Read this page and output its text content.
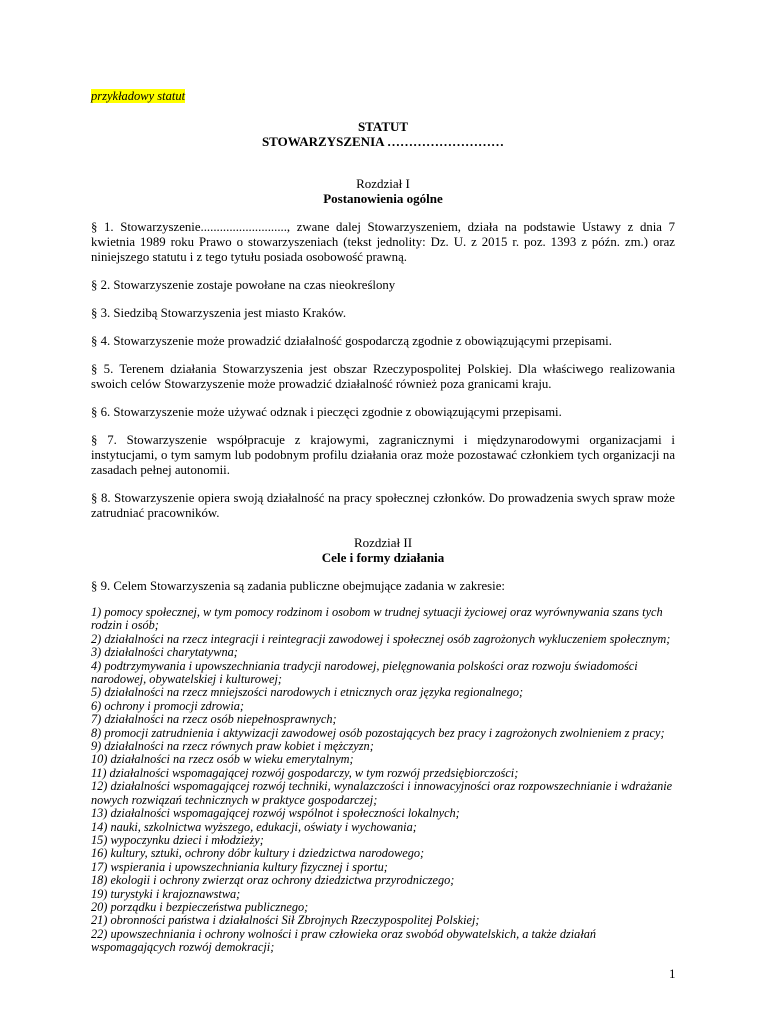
przykładowy statut
STATUT
STOWARZYSZENIA ………………………
Rozdział I
Postanowienia ogólne
§ 1. Stowarzyszenie..........................., zwane dalej Stowarzyszeniem, działa na podstawie Ustawy z dnia 7 kwietnia 1989 roku Prawo o stowarzyszeniach (tekst jednolity: Dz. U. z 2015 r. poz. 1393 z późn. zm.) oraz niniejszego statutu i z tego tytułu posiada osobowość prawną.
§ 2. Stowarzyszenie zostaje powołane na czas nieokreślony
§ 3. Siedzibą Stowarzyszenia jest miasto Kraków.
§ 4. Stowarzyszenie może prowadzić działalność gospodarczą zgodnie z obowiązującymi przepisami.
§ 5. Terenem działania Stowarzyszenia jest obszar Rzeczypospolitej Polskiej. Dla właściwego realizowania swoich celów Stowarzyszenie może prowadzić działalność również poza granicami kraju.
§ 6. Stowarzyszenie może używać odznak i pieczęci zgodnie z obowiązującymi przepisami.
§ 7. Stowarzyszenie współpracuje z krajowymi, zagranicznymi i międzynarodowymi organizacjami i instytucjami, o tym samym lub podobnym profilu działania oraz może pozostawać członkiem tych organizacji na zasadach pełnej autonomii.
§ 8. Stowarzyszenie opiera swoją działalność na pracy społecznej członków. Do prowadzenia swych spraw może zatrudniać pracowników.
Rozdział II
Cele i formy działania
§ 9. Celem Stowarzyszenia są zadania publiczne obejmujące zadania w zakresie:
1) pomocy społecznej, w tym pomocy rodzinom i osobom w trudnej sytuacji życiowej oraz wyrównywania szans tych rodzin i osób;
2) działalności na rzecz integracji i reintegracji zawodowej i społecznej osób zagrożonych wykluczeniem społecznym;
3) działalności charytatywna;
4) podtrzymywania i upowszechniania tradycji narodowej, pielęgnowania polskości oraz rozwoju świadomości narodowej, obywatelskiej i kulturowej;
5) działalności na rzecz mniejszości narodowych i etnicznych oraz języka regionalnego;
6) ochrony i promocji zdrowia;
7) działalności na rzecz osób niepełnosprawnych;
8) promocji zatrudnienia i aktywizacji zawodowej osób pozostających bez pracy i zagrożonych zwolnieniem z pracy;
9) działalności na rzecz równych praw kobiet i mężczyzn;
10) działalności na rzecz osób w wieku emerytalnym;
11) działalności wspomagającej rozwój gospodarczy, w tym rozwój przedsiębiorczości;
12) działalności wspomagającej rozwój techniki, wynalazczości i innowacyjności oraz rozpowszechnianie i wdrażanie nowych rozwiązań technicznych w praktyce gospodarczej;
13) działalności wspomagającej rozwój wspólnot i społeczności lokalnych;
14) nauki, szkolnictwa wyższego, edukacji, oświaty i wychowania;
15) wypoczynku dzieci i młodzieży;
16) kultury, sztuki, ochrony dóbr kultury i dziedzictwa narodowego;
17) wspierania i upowszechniania kultury fizycznej i sportu;
18) ekologii i ochrony zwierząt oraz ochrony dziedzictwa przyrodniczego;
19) turystyki i krajoznawstwa;
20) porządku i bezpieczeństwa publicznego;
21) obronności państwa i działalności Sił Zbrojnych Rzeczypospolitej Polskiej;
22) upowszechniania i ochrony wolności i praw człowieka oraz swobód obywatelskich, a także działań wspomagających rozwój demokracji;
1
